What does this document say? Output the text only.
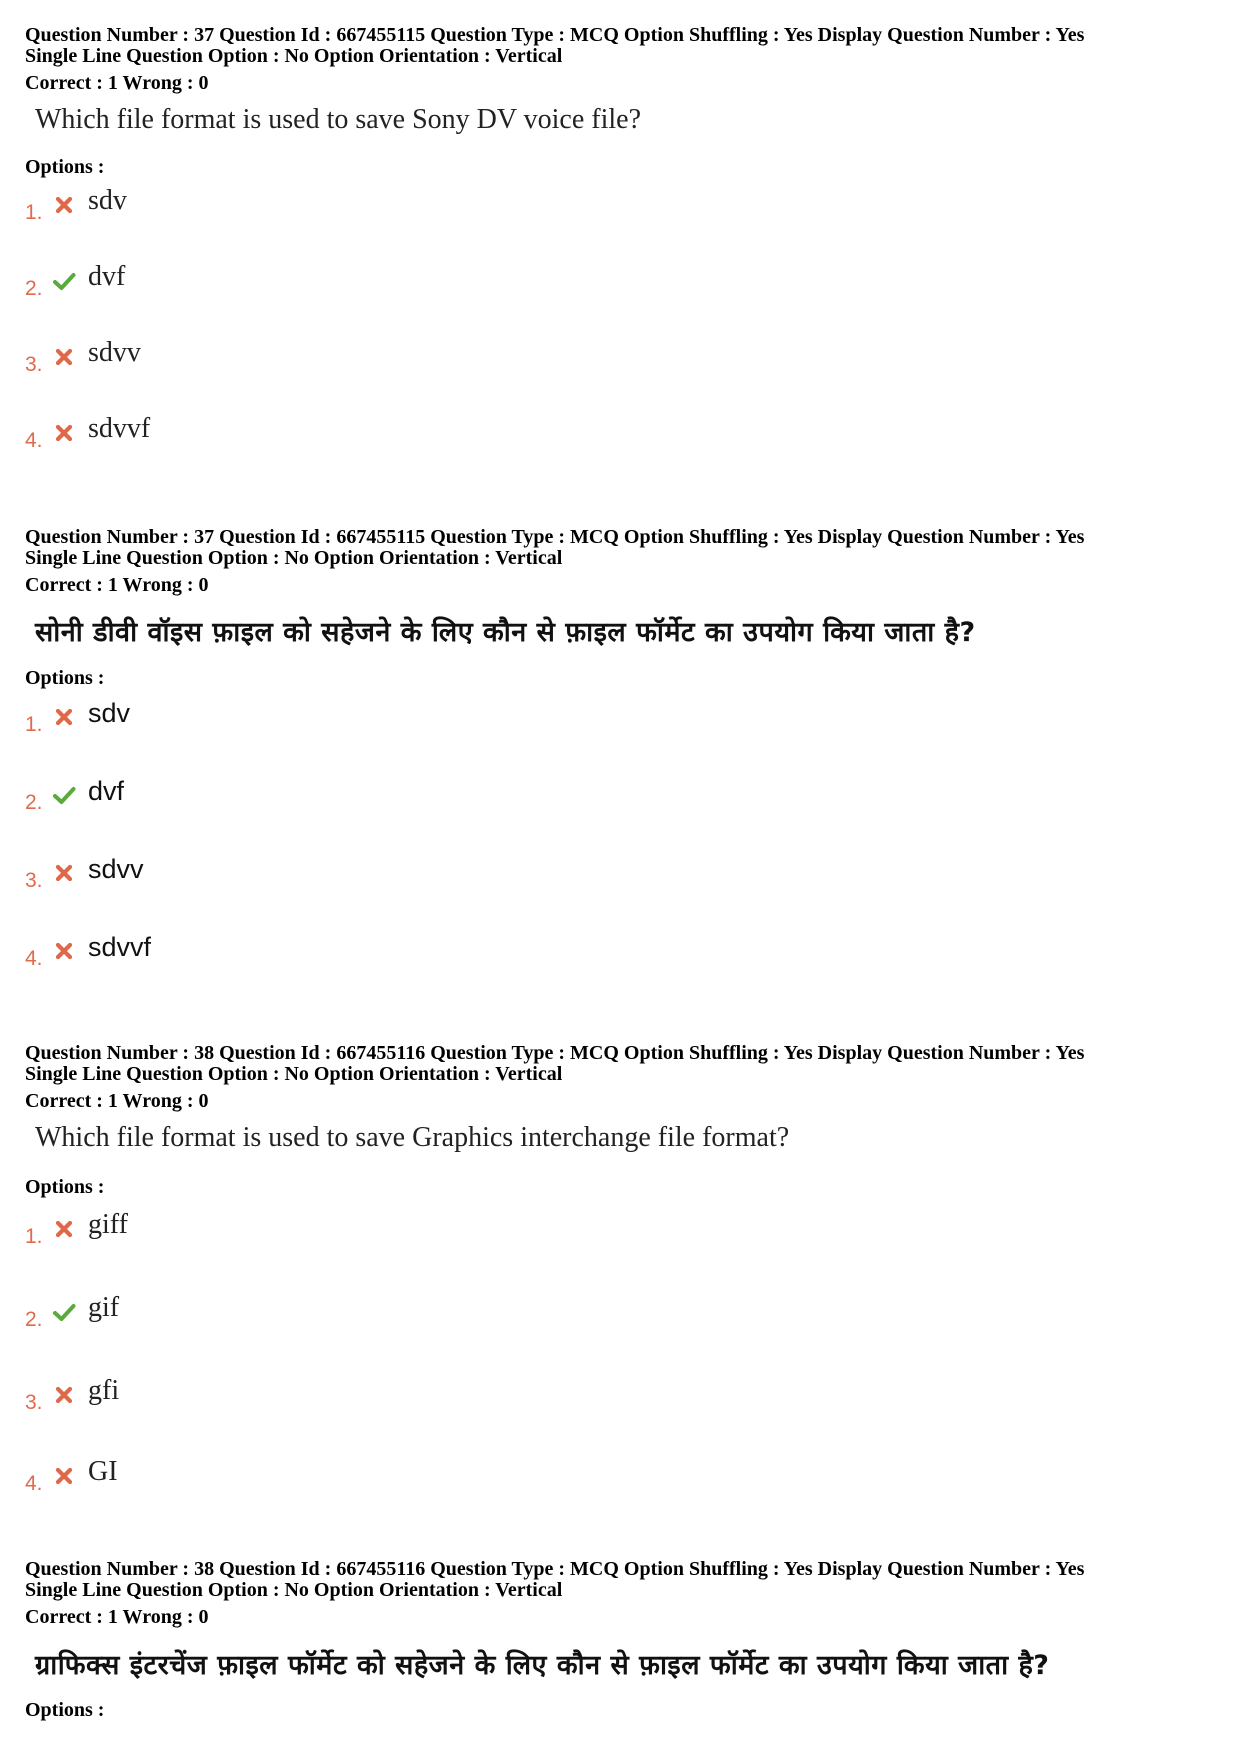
Question Number : 37 Question Id : 667455115 Question Type : MCQ Option Shuffling : Yes Display Question Number : Yes
Single Line Question Option : No Option Orientation : Vertical
Correct : 1 Wrong : 0
Which file format is used to save Sony DV voice file?
Options :
1.	sdv
2.	dvf
3.	sdvv
4.	sdvvf
Question Number : 37 Question Id : 667455115 Question Type : MCQ Option Shuffling : Yes Display Question Number : Yes
Single Line Question Option : No Option Orientation : Vertical
Correct : 1 Wrong : 0
सोनी डीवी वॉइस फ़ाइल को सहेजने के लिए कौन से फ़ाइल फॉर्मेट का उपयोग किया जाता है?
Options :
1.	sdv
2.	dvf
3.	sdvv
4.	sdvvf
Question Number : 38 Question Id : 667455116 Question Type : MCQ Option Shuffling : Yes Display Question Number : Yes
Single Line Question Option : No Option Orientation : Vertical
Correct : 1 Wrong : 0
Which file format is used to save Graphics interchange file format?
Options :
1.	giff
2.	gif
3.	gfi
4.	GI
Question Number : 38 Question Id : 667455116 Question Type : MCQ Option Shuffling : Yes Display Question Number : Yes
Single Line Question Option : No Option Orientation : Vertical
Correct : 1 Wrong : 0
ग्राफिक्स इंटरचेंज फ़ाइल फॉर्मेट को सहेजने के लिए कौन से फ़ाइल फॉर्मेट का उपयोग किया जाता है?
Options :
